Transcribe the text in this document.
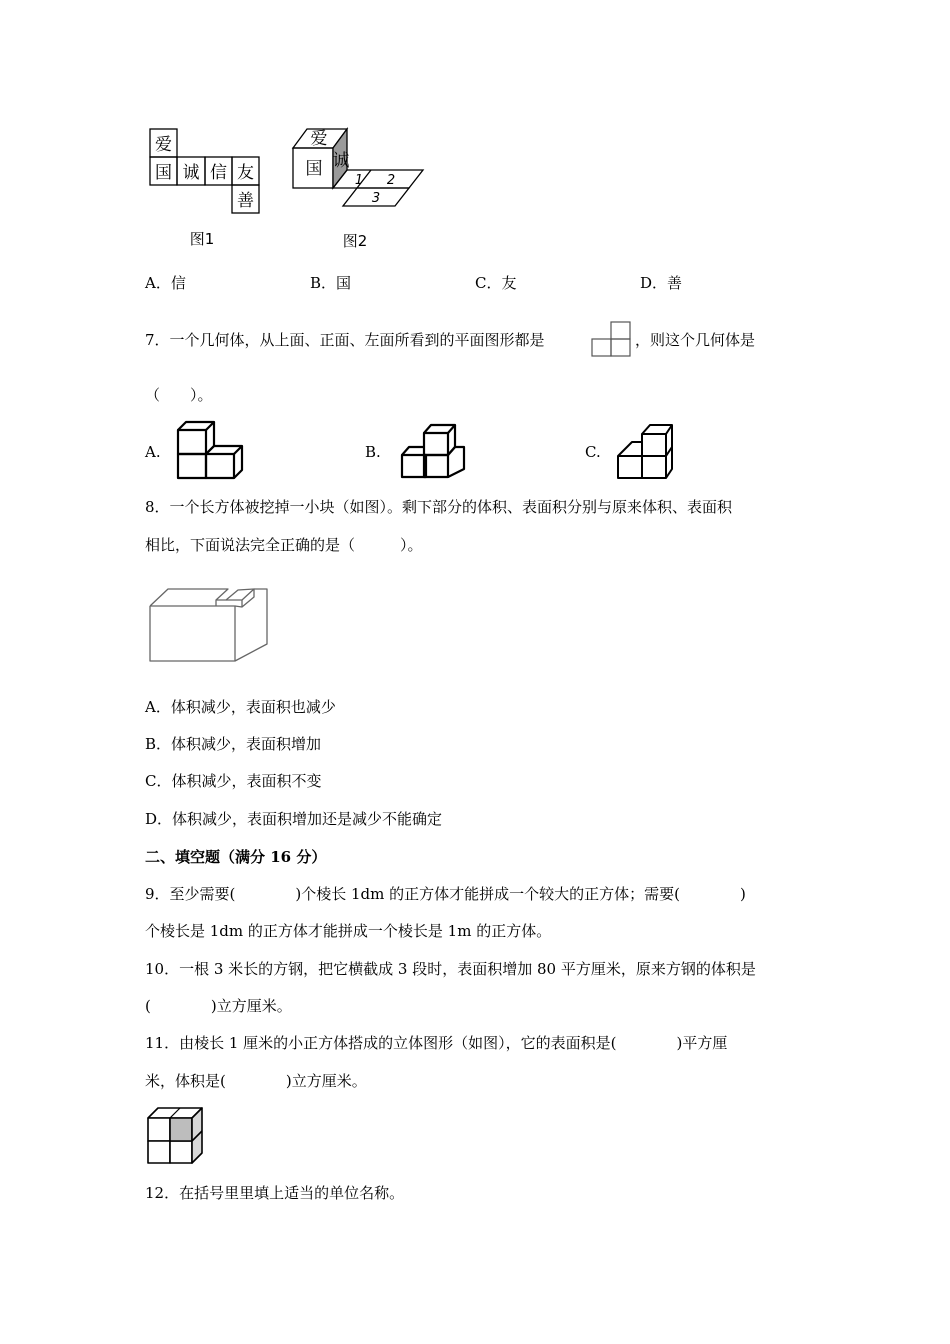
爱
国 诚 信 友
善
图1
国
爱
诚
1 2
3
图2
A．信	B．国	C．友	D．善
7．一个几何体，从上面、正面、左面所看到的平面图形都是	，则这个几何体是
（　　）。
A.	B.	C.
8．一个长方体被挖掉一小块（如图）。剩下部分的体积、表面积分别与原来体积、表面积
相比，下面说法完全正确的是（　　　）。
A．体积减少，表面积也减少
B．体积减少，表面积增加
C．体积减少，表面积不变
D．体积减少，表面积增加还是减少不能确定
二、填空题（满分 16 分）
9．至少需要(　　　　)个棱长 1dm 的正方体才能拼成一个较大的正方体；需要(　　　　)
个棱长是 1dm 的正方体才能拼成一个棱长是 1m 的正方体。
10．一根 3 米长的方钢，把它横截成 3 段时，表面积增加 80 平方厘米，原来方钢的体积是
(　　　　)立方厘米。
11．由棱长 1 厘米的小正方体搭成的立体图形（如图），它的表面积是(　　　　)平方厘
米，体积是(　　　　)立方厘米。
12．在括号里里填上适当的单位名称。
